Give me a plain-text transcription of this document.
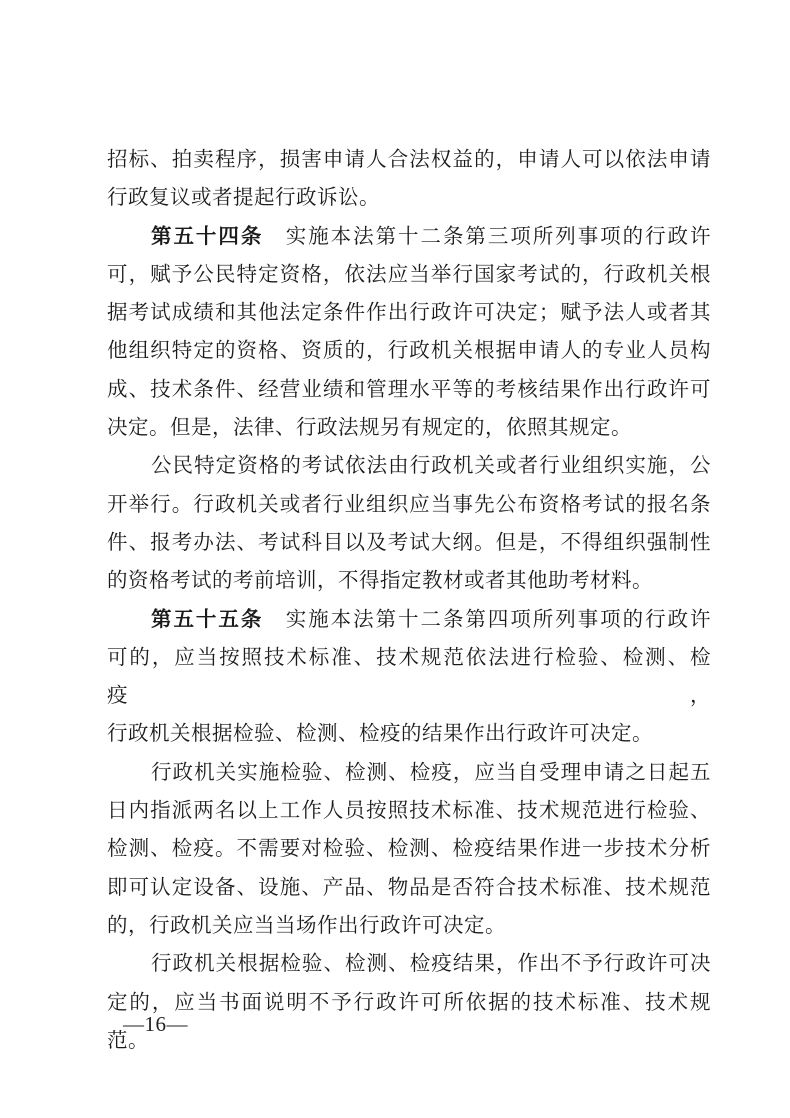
招标、拍卖程序，损害申请人合法权益的，申请人可以依法申请
行政复议或者提起行政诉讼。
第五十四条　实施本法第十二条第三项所列事项的行政许
可，赋予公民特定资格，依法应当举行国家考试的，行政机关根
据考试成绩和其他法定条件作出行政许可决定；赋予法人或者其
他组织特定的资格、资质的，行政机关根据申请人的专业人员构
成、技术条件、经营业绩和管理水平等的考核结果作出行政许可
决定。但是，法律、行政法规另有规定的，依照其规定。
公民特定资格的考试依法由行政机关或者行业组织实施，公
开举行。行政机关或者行业组织应当事先公布资格考试的报名条
件、报考办法、考试科目以及考试大纲。但是，不得组织强制性
的资格考试的考前培训，不得指定教材或者其他助考材料。
第五十五条　实施本法第十二条第四项所列事项的行政许
可的，应当按照技术标准、技术规范依法进行检验、检测、检疫，
行政机关根据检验、检测、检疫的结果作出行政许可决定。
行政机关实施检验、检测、检疫，应当自受理申请之日起五
日内指派两名以上工作人员按照技术标准、技术规范进行检验、
检测、检疫。不需要对检验、检测、检疫结果作进一步技术分析
即可认定设备、设施、产品、物品是否符合技术标准、技术规范
的，行政机关应当当场作出行政许可决定。
行政机关根据检验、检测、检疫结果，作出不予行政许可决
定的，应当书面说明不予行政许可所依据的技术标准、技术规范。
—16—
